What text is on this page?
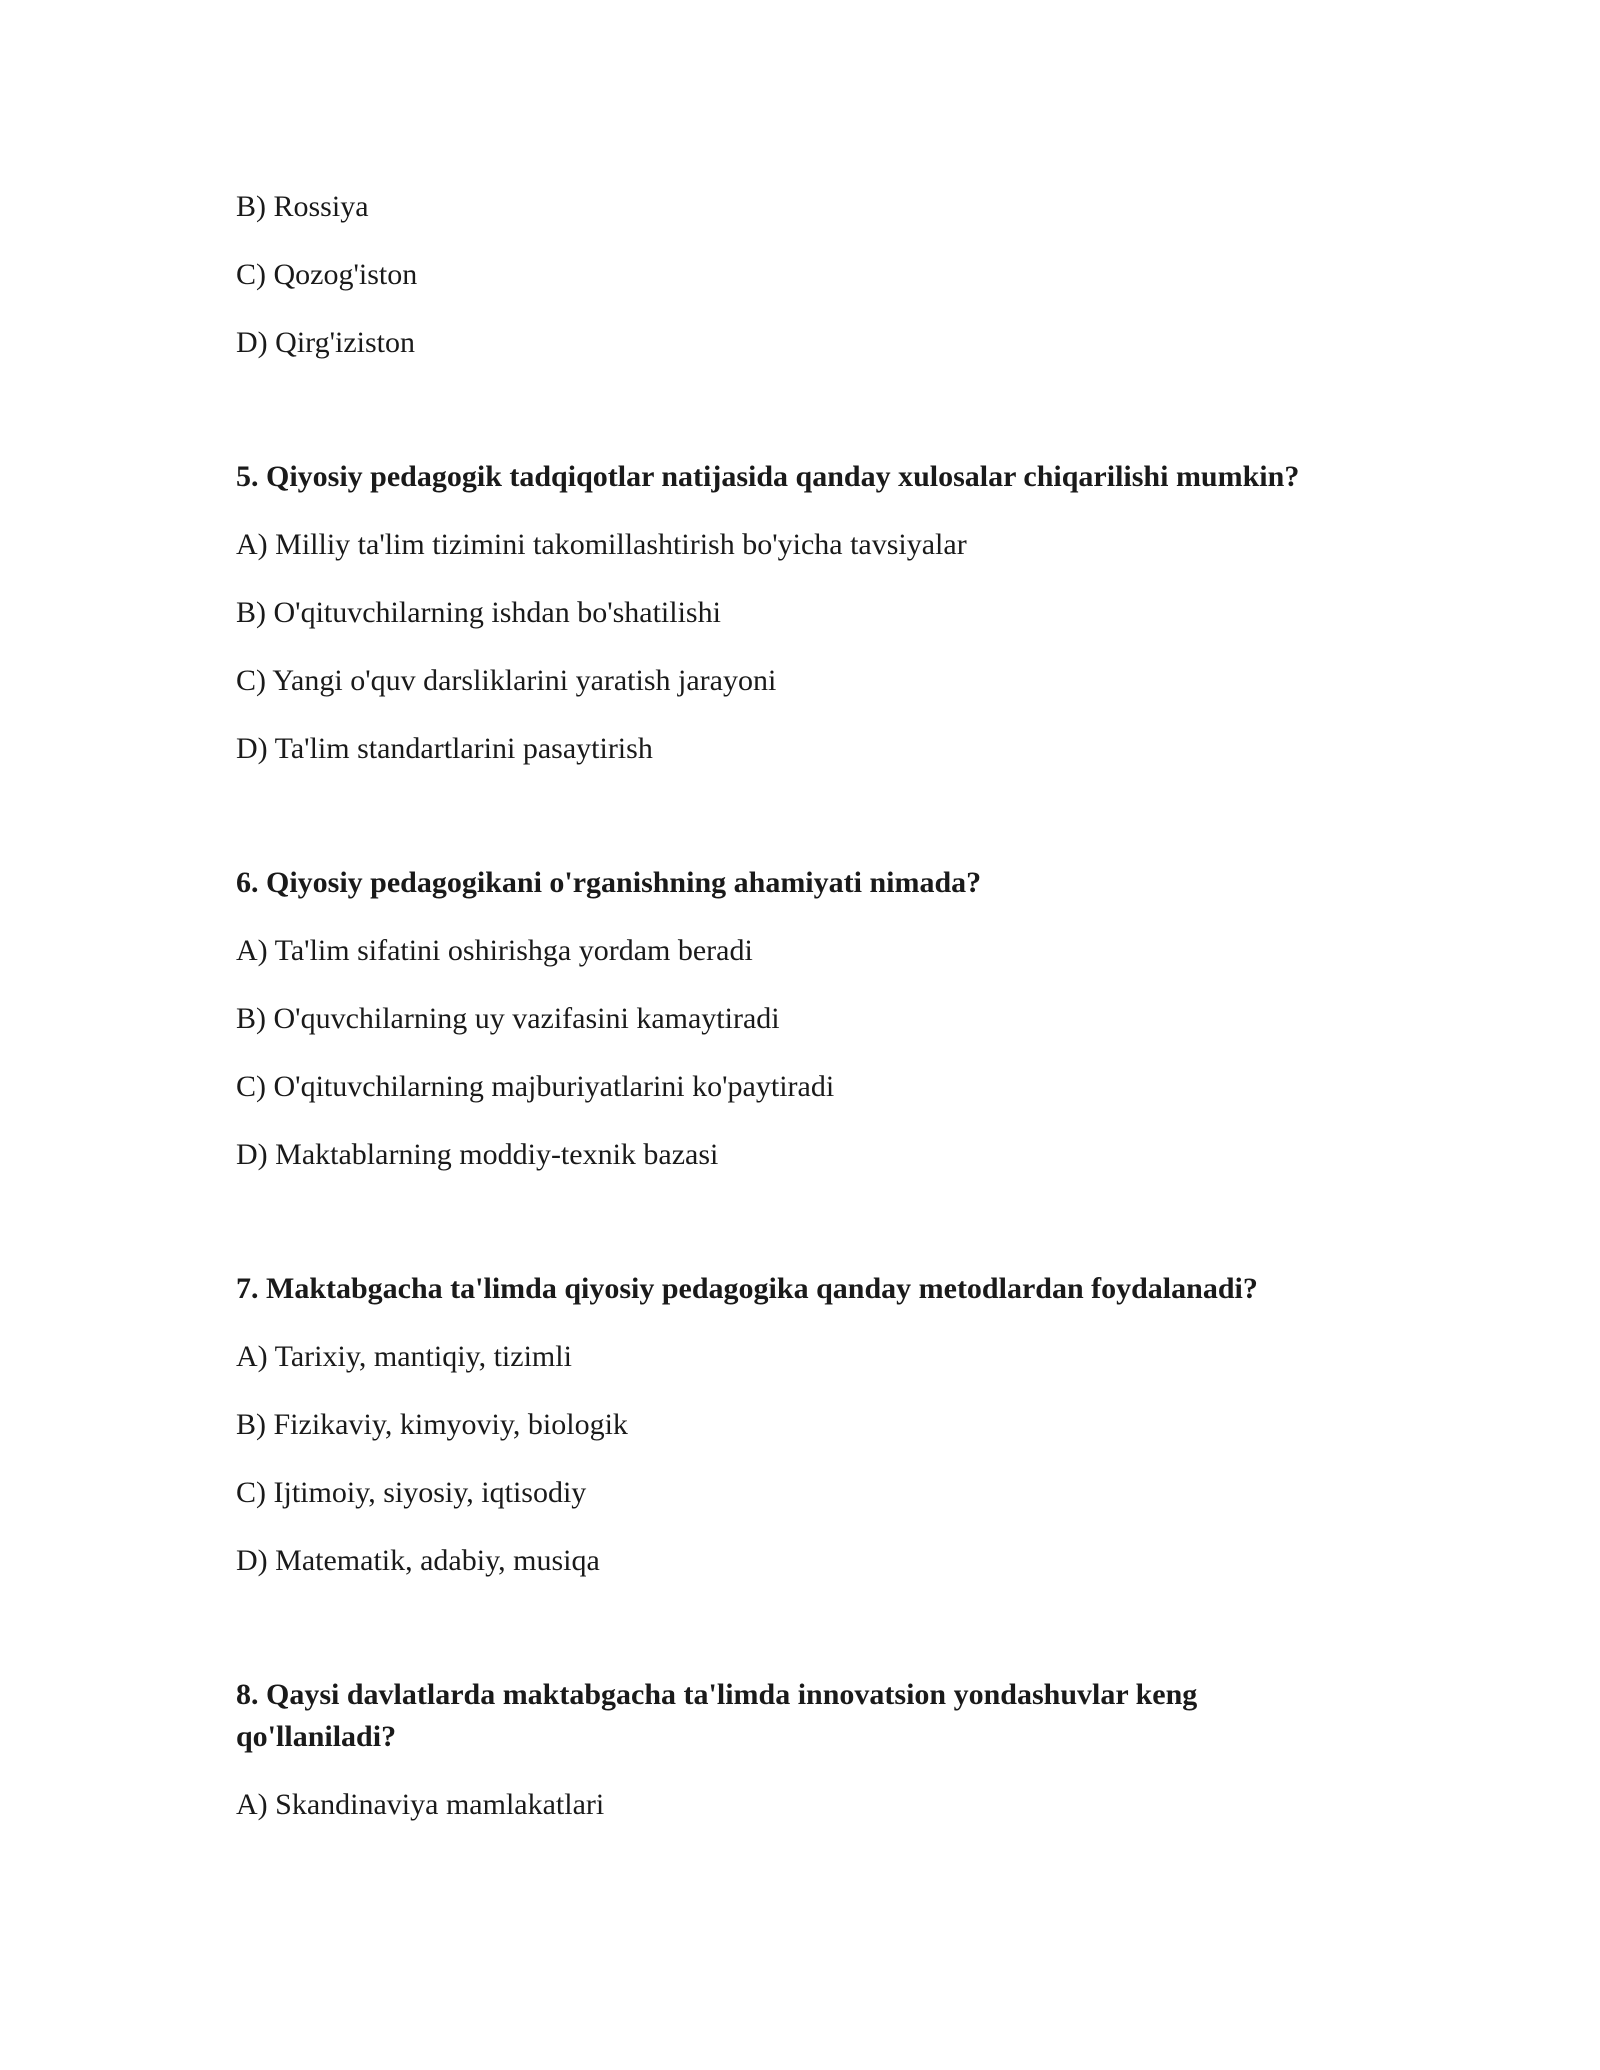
B) Rossiya
C) Qozog'iston
D) Qirg'iziston
5. Qiyosiy pedagogik tadqiqotlar natijasida qanday xulosalar chiqarilishi mumkin?
A) Milliy ta'lim tizimini takomillashtirish bo'yicha tavsiyalar
B) O'qituvchilarning ishdan bo'shatilishi
C) Yangi o'quv darsliklarini yaratish jarayoni
D) Ta'lim standartlarini pasaytirish
6. Qiyosiy pedagogikani o'rganishning ahamiyati nimada?
A) Ta'lim sifatini oshirishga yordam beradi
B) O'quvchilarning uy vazifasini kamaytiradi
C) O'qituvchilarning majburiyatlarini ko'paytiradi
D) Maktablarning moddiy-texnik bazasi
7. Maktabgacha ta'limda qiyosiy pedagogika qanday metodlardan foydalanadi?
A) Tarixiy, mantiqiy, tizimli
B) Fizikaviy, kimyoviy, biologik
C) Ijtimoiy, siyosiy, iqtisodiy
D) Matematik, adabiy, musiqa
8. Qaysi davlatlarda maktabgacha ta'limda innovatsion yondashuvlar keng qo'llaniladi?
A) Skandinaviya mamlakatlari
